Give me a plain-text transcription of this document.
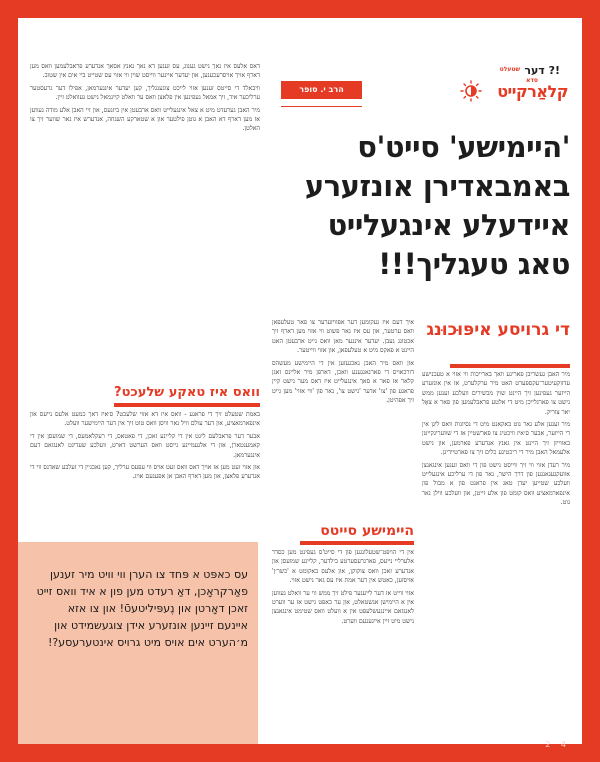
שטעלט !? דער
סדא
קלאַרקייט
הרב י. סופר
'היימישע' סייט'ס באמבאדירן אונזערע איידעלע אינגעלייט טאג טעגליך!!!
די גרויסע איפּוּכוּנג

מיר האבן געשריבן פאריגע וואך בארייכות ווי אזוי א טעכנישע עדזוקעיטער־עקספּערט האט מיר ערקלערט, אז אין אונזערע הייזער געפינען זיך היינט שוין מכשירים וועלכע זענען ממש נישט צו פארגלייכן מיט די אלטע פראבלעמען פון פאר א צאָל יאר צוריק.

מיר זענען אלע גאר גוט באקאנט מיט די נסיונות וואס ליגן אין די הייזער, אבער ס׳איז וויכטיג צו פארשטיין אז די שוועריגקייטן באווייזן זיך היינט אין גאנץ אנדערע פארמען, און נישט אלעמאל האבן מיר די ריכטיגע כלים זיך צו פארטיידיגן.

מיר רעדן אזוי ווי זיך ווייסט נישט פון די וואס זענען אינגאנצן אוועקגעגאנגען פון דרך הישר, נאר פון די ערליכע אינגעלייט וועלכע שטייען יעדן טאג אין פראנט פון א מבול פון אינפארמאציע וואס קומט פון אלע זייטן, און וועלכע ווילן נאר גוט.

איך דעם איז געקומען דער אפּוויזערער צו פאר טעלעפאן וואס ערטער, און עס איז גאר פשוט ווי אזוי מען דארף זיך אכטונג געבן. יעדער אינגער מאן וואס גייט ארבעטן האט היינט א פאקס מיט א טעלעפאן, און אזוי ווייטער.

און וואס מיר האבן נאכגעזען אין די היימישע מעשהס דורכאויס די פארגאנגענע וואכן, דארפן מיר אליינס זאגן קלאר אז פאר א סאך אינגעלייט איז דאס מער נישט קיין פראגע פון 'צו' אדער 'נישט צו', נאר פון 'ווי אזוי' מען גייט זיך אפּהיטן.

היימישע סייטס

אין די הויפּט־שטעלונגען פון די סייט'ס געפינט מען כסדר אלערליי נייעס, פארגרעסערטע בילדער, קליינע שמועסן און אנדערע זאכן וואס צוקוקן, און אלעס באקומט א 'כשר׳ן' אויסזען, כאטש אין דער אמת איז עס גאר נישט אזוי.

אזוי ווייט אז דער לייענער פילט זיך ממש ווי ער וואלט געווען אין א היימישן אנשטאלט, און ער כאפּט נישט אז ער ווערט לאנגזאם איינגעשלעפּט אין א וועלט וואס שטימט אינגאנצן נישט מיט זיין אייגענעם ווערט.

דאס אלעס איז נאך נישט גענוג, עס זענען דא נאך גאנץ אסאך אנדערע פראבלעמען וואס מען דארף אויך אויסרעכענען, און יעדער איינער ווייסט שוין ווי אזוי עס שטייט ביי אים אין שטוב.

וויבאלד די סייטס זענען אזוי לייכט צוגענגליך, קען יעדער אינגערמאן, אפילו דער גרעסטער ערליכער איד, זיך אמאל געפינען אין פלאצן וואס ער וואלט קיינמאל נישט געוואלט זיין.

מיר האבן גערעדט מיט א צאל אינגעלייט וואס ארבעטן אין ביזנעס, און זיי האבן אלע מודה געווען אז מען דארף דא האבן א גוטן פילטער און א שטארקע השגחה, אנדערש איז גאר שווער זיך צו האלטן.

וואס איז טאקע שלעכט?

באמת שטעלט זיך די פראגע - וואס איז דא אזוי שלעכט? ס׳איז דאך כמעט אלעס נייעס און אינפארמאציע, און דער עולם וויל נאר וויסן וואס טוט זיך אין דער היימישער וועלט.

אבער דער פראבלעם ליגט אין די קליינע זאכן, די פאטאס, די רעקלאמעס, די שמועסן אין די קאמענטארן, און די אלגעמיינע גייסט וואס הערשט דארט, וועלכע שעדיגט לאנגזאם דעם אינגערמאן.

און אזוי זעט מען אז אויך דאס וואס זעט אויס ווי עפּעס ערליך, קען נאכגיין די זעלבע שאדנס ווי די אנדערע פלאצן, און מען דארף האבן אן אפענעם אויג.

עס כאפּט א פּחד צו הערן ווי וויט מיר זענען פאַרקראָכן, דאַ רעדט מען פון א איד וואס זייט זאכן דאָרטן און נֶעפּיליטעטֿ! און צו אזא איינעם זיינען אונזערע אידן צוגעשמידט און מ׳הערט אים אויס מיט גרויס אינטערעסע?!
2 4
